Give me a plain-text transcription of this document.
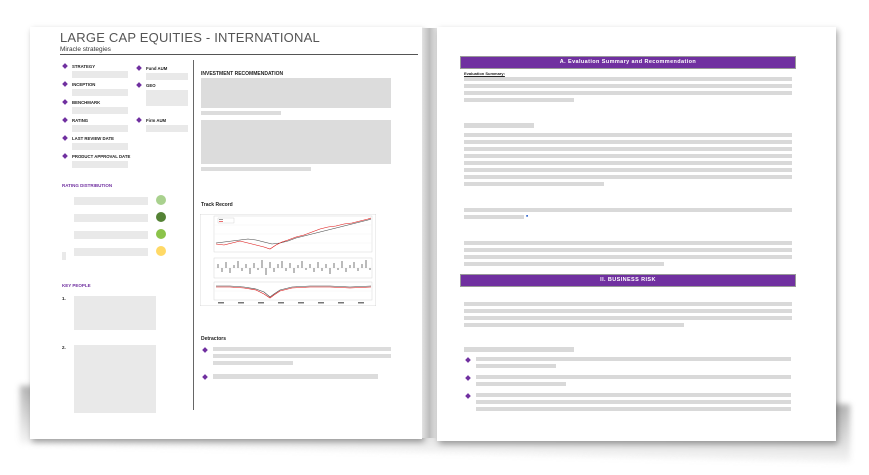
LARGE CAP EQUITIES - INTERNATIONAL
Miracle strategies
STRATEGY
INCEPTION
BENCHMARK
RATING
LAST REVIEW DATE
PRODUCT APPROVAL DATE
Fund AUM
GEO
Firm AUM
RATING DISTRIBUTION
KEY PEOPLE
1.
2.
INVESTMENT RECOMMENDATION
Track Record
Detractors
A. Evaluation Summary and Recommendation
Evaluation Summary:
■
II. BUSINESS RISK
